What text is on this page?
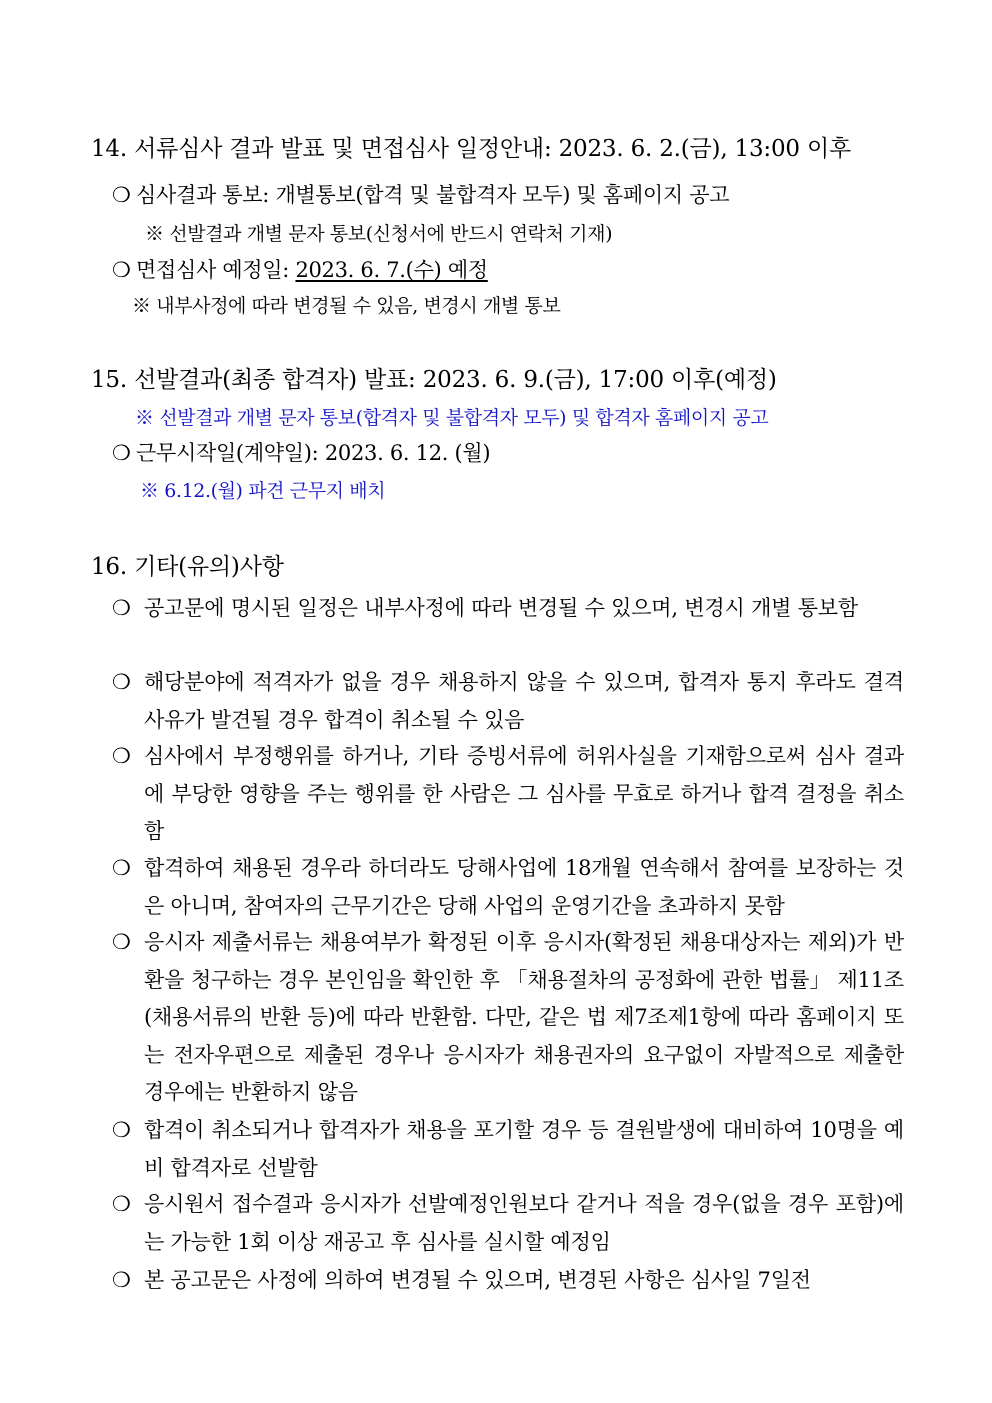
14. 서류심사 결과 발표 및 면접심사 일정안내: 2023. 6. 2.(금), 13:00 이후
❍ 심사결과 통보: 개별통보(합격 및 불합격자 모두) 및 홈페이지 공고
※ 선발결과 개별 문자 통보(신청서에 반드시 연락처 기재)
❍ 면접심사 예정일: 2023. 6. 7.(수) 예정
※ 내부사정에 따라 변경될 수 있음, 변경시 개별 통보
15. 선발결과(최종 합격자) 발표: 2023. 6. 9.(금), 17:00 이후(예정)
※ 선발결과 개별 문자 통보(합격자 및 불합격자 모두) 및 합격자 홈페이지 공고
❍ 근무시작일(계약일): 2023. 6. 12. (월)
※ 6.12.(월) 파견 근무지 배치
16. 기타(유의)사항
❍ 공고문에 명시된 일정은 내부사정에 따라 변경될 수 있으며, 변경시 개별 통보함
❍ 해당분야에 적격자가 없을 경우 채용하지 않을 수 있으며, 합격자 통지 후라도 결격사유가 발견될 경우 합격이 취소될 수 있음
❍ 심사에서 부정행위를 하거나, 기타 증빙서류에 허위사실을 기재함으로써 심사 결과에 부당한 영향을 주는 행위를 한 사람은 그 심사를 무효로 하거나 합격 결정을 취소함
❍ 합격하여 채용된 경우라 하더라도 당해사업에 18개월 연속해서 참여를 보장하는 것은 아니며, 참여자의 근무기간은 당해 사업의 운영기간을 초과하지 못함
❍ 응시자 제출서류는 채용여부가 확정된 이후 응시자(확정된 채용대상자는 제외)가 반환을 청구하는 경우 본인임을 확인한 후 「채용절차의 공정화에 관한 법률」 제11조(채용서류의 반환 등)에 따라 반환함. 다만, 같은 법 제7조제1항에 따라 홈페이지 또는 전자우편으로 제출된 경우나 응시자가 채용권자의 요구없이 자발적으로 제출한 경우에는 반환하지 않음
❍ 합격이 취소되거나 합격자가 채용을 포기할 경우 등 결원발생에 대비하여 10명을 예비 합격자로 선발함
❍ 응시원서 접수결과 응시자가 선발예정인원보다 같거나 적을 경우(없을 경우 포함)에는 가능한 1회 이상 재공고 후 심사를 실시할 예정임
❍ 본 공고문은 사정에 의하여 변경될 수 있으며, 변경된 사항은 심사일 7일전
